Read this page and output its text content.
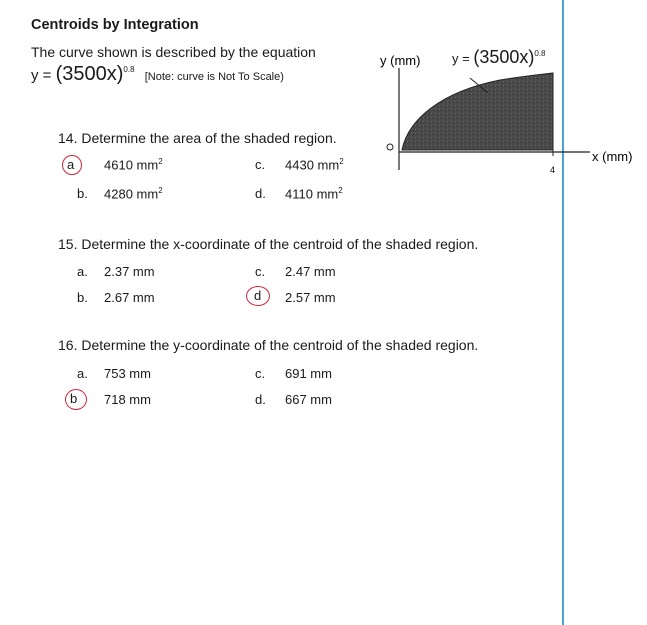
Centroids by Integration
The curve shown is described by the equation
$y = (3500x)^{0.8}$ [Note: curve is Not To Scale)
4
y (mm)
x (mm)
$y = (3500x)^{0.8}$
14. Determine the area of the shaded region.
a 4610 $mm^2$	c. 4430 $mm^2$
b. 4280 $mm^2$	d. 4110 $mm^2$
15. Determine the x-coordinate of the centroid of the shaded region.
a. 2.37 mm	c. 2.47 mm
b. 2.67 mm	d 2.57 mm
16. Determine the y-coordinate of the centroid of the shaded region.
a. 753 mm	c. 691 mm
b 718 mm	d. 667 mm
